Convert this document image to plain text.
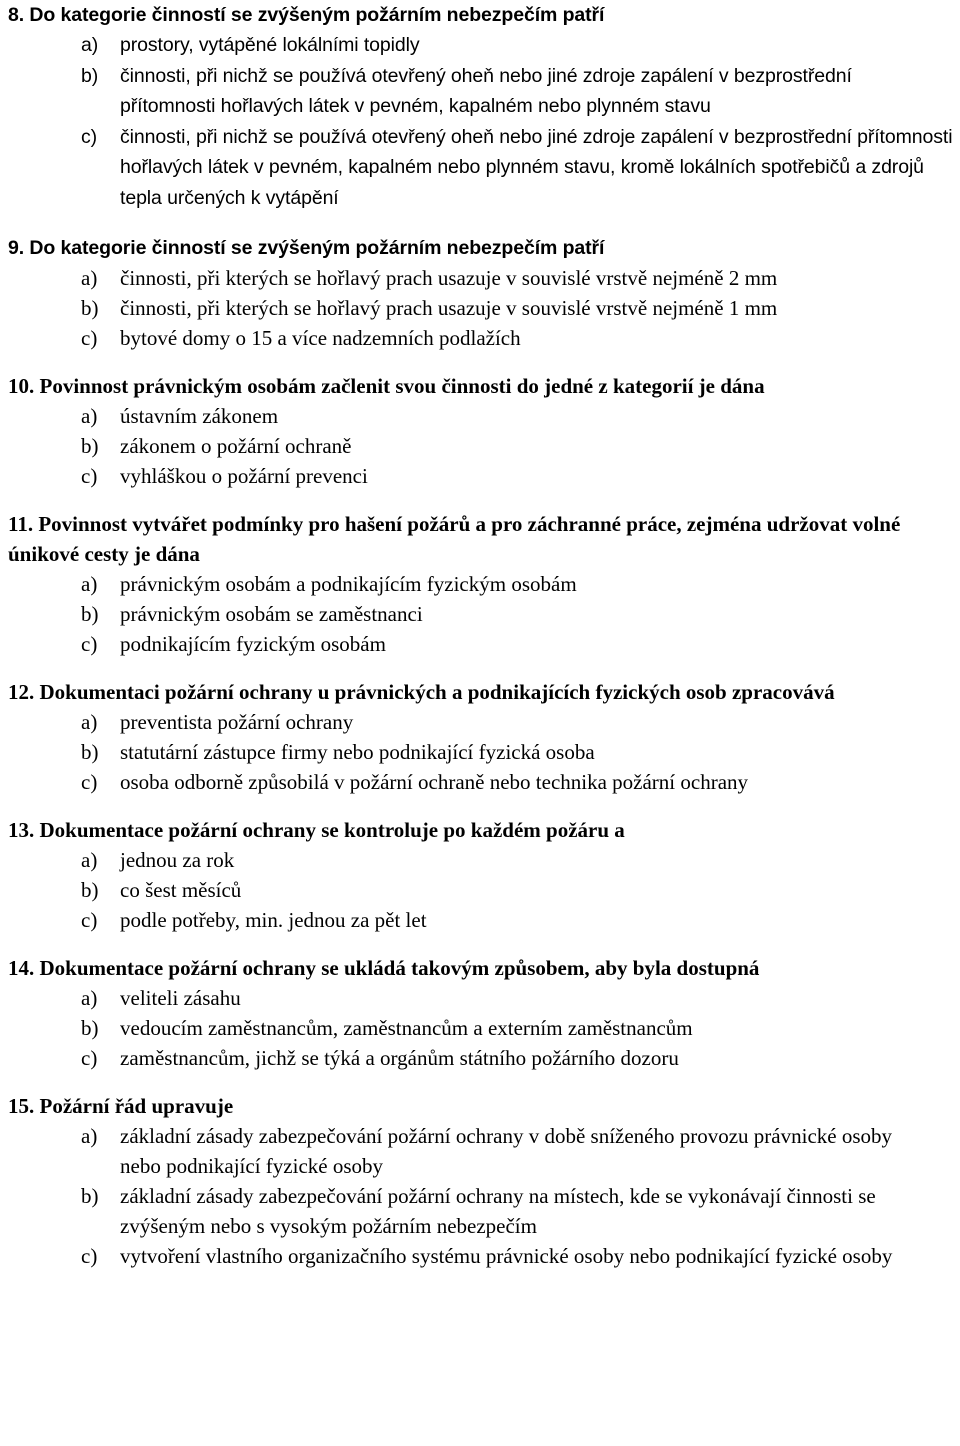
8.
Do kategorie činností se zvýšeným požárním nebezpečím patří
a)	prostory, vytápěné lokálními topidly
b)	činnosti, při nichž se používá otevřený oheň nebo jiné zdroje zapálení v bezprostřední přítomnosti hořlavých látek v pevném, kapalném nebo plynném stavu
c)	činnosti, při nichž se používá otevřený oheň nebo jiné zdroje zapálení v bezprostřední přítomnosti hořlavých látek v pevném, kapalném nebo plynném stavu, kromě lokálních spotřebičů a zdrojů tepla určených k vytápění
9.
Do kategorie činností se zvýšeným požárním nebezpečím patří
a)	činnosti, při kterých se hořlavý prach usazuje v souvislé vrstvě nejméně 2 mm
b)	činnosti, při kterých se hořlavý prach usazuje v souvislé vrstvě nejméně 1 mm
c)	bytové domy o 15 a více nadzemních podlažích
10.
Povinnost právnickým osobám začlenit svou činnosti do jedné z kategorií je dána
a)	ústavním zákonem
b)	zákonem o požární ochraně
c)	vyhláškou o požární prevenci
11. Povinnost vytvářet podmínky pro hašení požárů a pro záchranné práce, zejména udržovat volné únikové cesty je dána
a)	právnickým osobám a podnikajícím fyzickým osobám
b)	právnickým osobám se zaměstnanci
c)	podnikajícím fyzickým osobám
12. Dokumentaci požární ochrany u právnických a podnikajících fyzických osob zpracovává
a)	preventista požární ochrany
b)	statutární zástupce firmy nebo podnikající fyzická osoba
c)	osoba odborně způsobilá v požární ochraně nebo technika požární ochrany
13.
Dokumentace požární ochrany se kontroluje po každém požáru a
a)	jednou za rok
b)	co šest měsíců
c)	podle potřeby, min. jednou za pět let
14.
Dokumentace požární ochrany se ukládá takovým způsobem, aby byla dostupná
a)	veliteli zásahu
b)	vedoucím zaměstnancům, zaměstnancům a externím zaměstnancům
c)	zaměstnancům, jichž se týká a orgánům státního požárního dozoru
15.
Požární řád upravuje
a)	základní zásady zabezpečování požární ochrany v době sníženého provozu právnické osoby nebo podnikající fyzické osoby
b)	základní zásady zabezpečování požární ochrany na místech, kde se vykonávají činnosti se zvýšeným nebo s vysokým požárním nebezpečím
c)	vytvoření vlastního organizačního systému právnické osoby nebo podnikající fyzické osoby
